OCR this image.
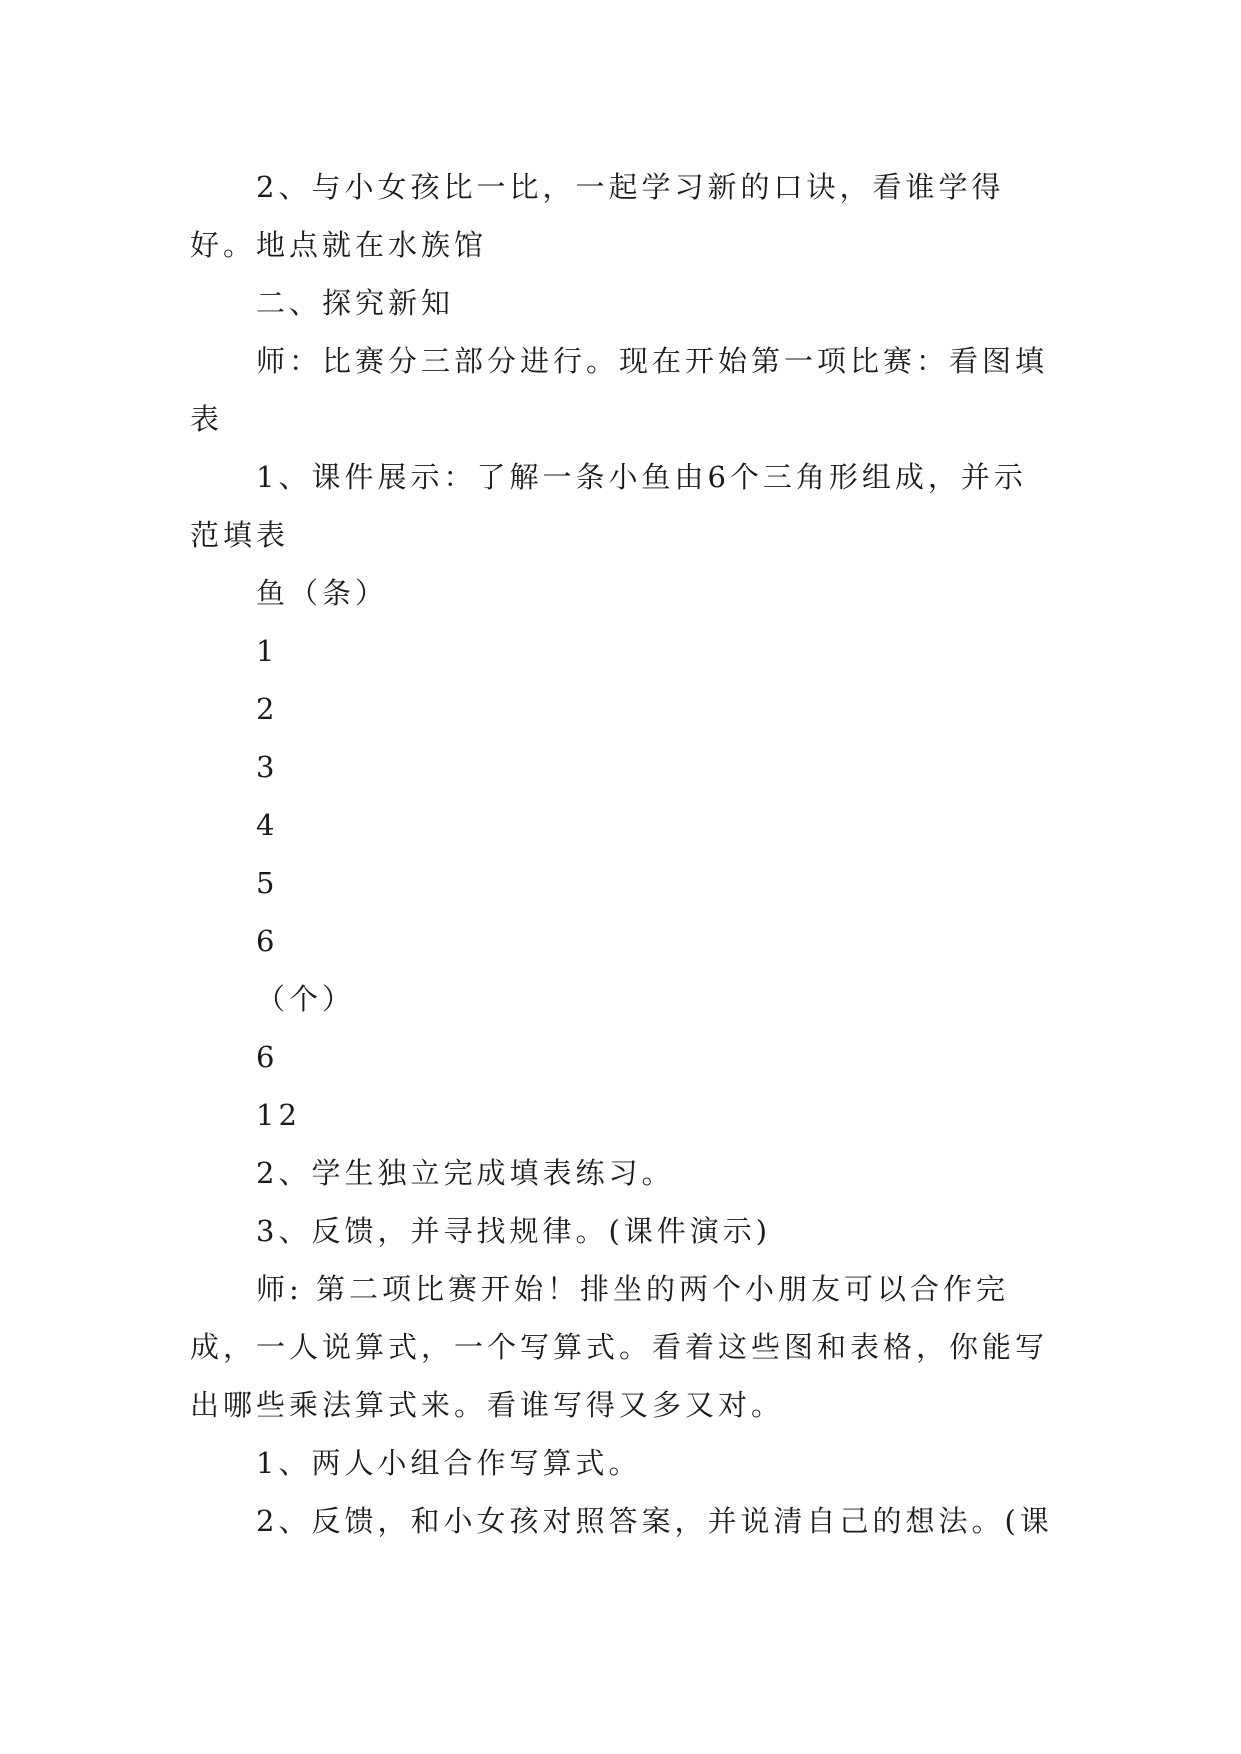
2、与小女孩比一比，一起学习新的口诀，看谁学得好。地点就在水族馆

二、探究新知

师：比赛分三部分进行。现在开始第一项比赛：看图填表

1、课件展示：了解一条小鱼由6个三角形组成，并示范填表

鱼（条）

1

2

3

4

5

6

（个）

6

12

2、学生独立完成填表练习。

3、反馈，并寻找规律。(课件演示)

师: 第二项比赛开始！排坐的两个小朋友可以合作完成，一人说算式，一个写算式。看着这些图和表格，你能写出哪些乘法算式来。看谁写得又多又对。

1、两人小组合作写算式。

2、反馈，和小女孩对照答案，并说清自己的想法。(课
